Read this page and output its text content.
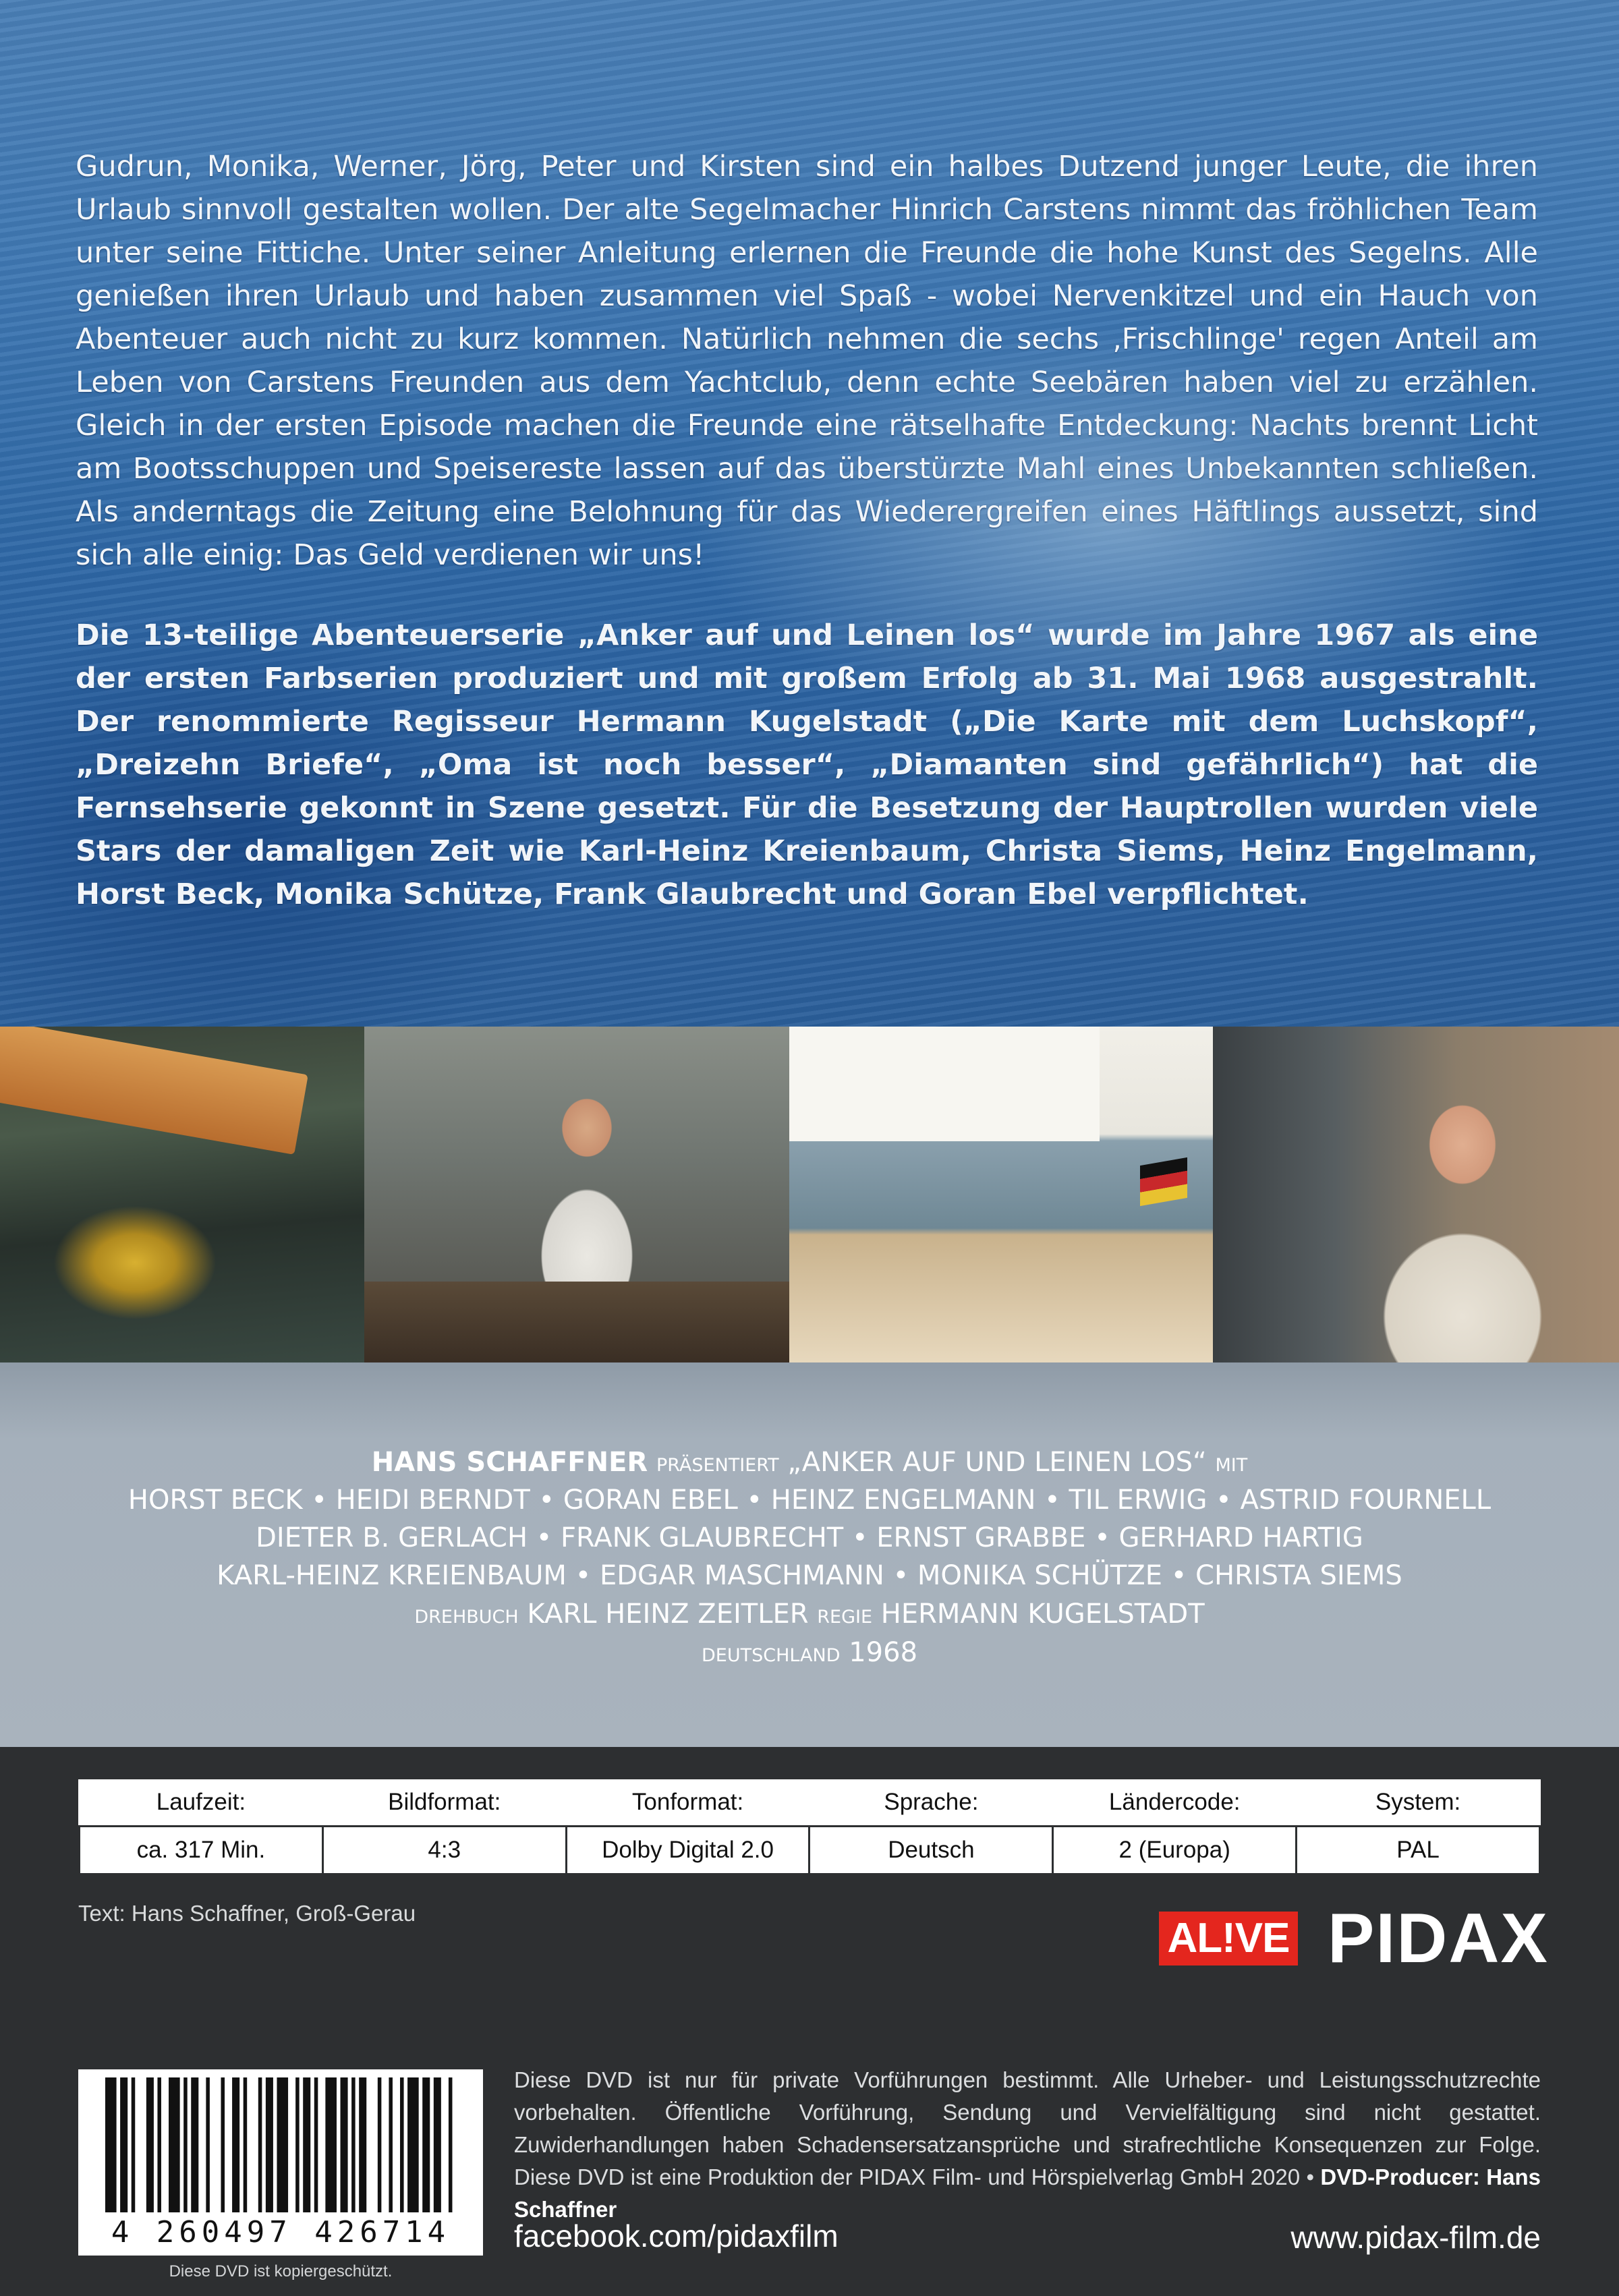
Gudrun, Monika, Werner, Jörg, Peter und Kirsten sind ein halbes Dutzend junger Leute, die ihren Urlaub sinnvoll gestalten wollen. Der alte Segelmacher Hinrich Carstens nimmt das fröhlichen Team unter seine Fittiche. Unter seiner Anleitung erlernen die Freunde die hohe Kunst des Segelns. Alle genießen ihren Urlaub und haben zusammen viel Spaß - wobei Nervenkitzel und ein Hauch von Abenteuer auch nicht zu kurz kommen. Natürlich nehmen die sechs ‚Frischlinge' regen Anteil am Leben von Carstens Freunden aus dem Yachtclub, denn echte Seebären haben viel zu erzählen. Gleich in der ersten Episode machen die Freunde eine rätselhafte Entdeckung: Nachts brennt Licht am Bootsschuppen und Speisereste lassen auf das überstürzte Mahl eines Unbekannten schließen. Als anderntags die Zeitung eine Belohnung für das Wiederergreifen eines Häftlings aussetzt, sind sich alle einig: Das Geld verdienen wir uns!

Die 13-teilige Abenteuerserie „Anker auf und Leinen los“ wurde im Jahre 1967 als eine der ersten Farbserien produziert und mit großem Erfolg ab 31. Mai 1968 ausgestrahlt. Der renommierte Regisseur Hermann Kugelstadt („Die Karte mit dem Luchskopf“, „Dreizehn Briefe“, „Oma ist noch besser“, „Diamanten sind gefährlich“) hat die Fernsehserie gekonnt in Szene gesetzt. Für die Besetzung der Hauptrollen wurden viele Stars der damaligen Zeit wie Karl-Heinz Kreienbaum, Christa Siems, Heinz Engelmann, Horst Beck, Monika Schütze, Frank Glaubrecht und Goran Ebel verpflichtet.

HANS SCHAFFNER PRÄSENTIERT „ANKER AUF UND LEINEN LOS“ MIT

HORST BECK • HEIDI BERNDT • GORAN EBEL • HEINZ ENGELMANN • TIL ERWIG • ASTRID FOURNELL

DIETER B. GERLACH • FRANK GLAUBRECHT • ERNST GRABBE • GERHARD HARTIG

KARL-HEINZ KREIENBAUM • EDGAR MASCHMANN • MONIKA SCHÜTZE • CHRISTA SIEMS

DREHBUCH KARL HEINZ ZEITLER REGIE HERMANN KUGELSTADT

DEUTSCHLAND 1968

Laufzeit:	Bildformat:	Tonformat:	Sprache:	Ländercode:	System:
ca. 317 Min.	4:3	Dolby Digital 2.0	Deutsch	2 (Europa)	PAL

Text: Hans Schaffner, Groß-Gerau

AL!VE PIDAX

4 260497 426714

Diese DVD ist kopiergeschützt.

Diese DVD ist nur für private Vorführungen bestimmt. Alle Urheber- und Leistungsschutzrechte vorbehalten. Öffentliche Vorführung, Sendung und Vervielfältigung sind nicht gestattet. Zuwiderhandlungen haben Schadensersatzansprüche und strafrechtliche Konsequenzen zur Folge. Diese DVD ist eine Produktion der PIDAX Film- und Hörspielverlag GmbH 2020 • DVD-Producer: Hans Schaffner

facebook.com/pidaxfilm	www.pidax-film.de
